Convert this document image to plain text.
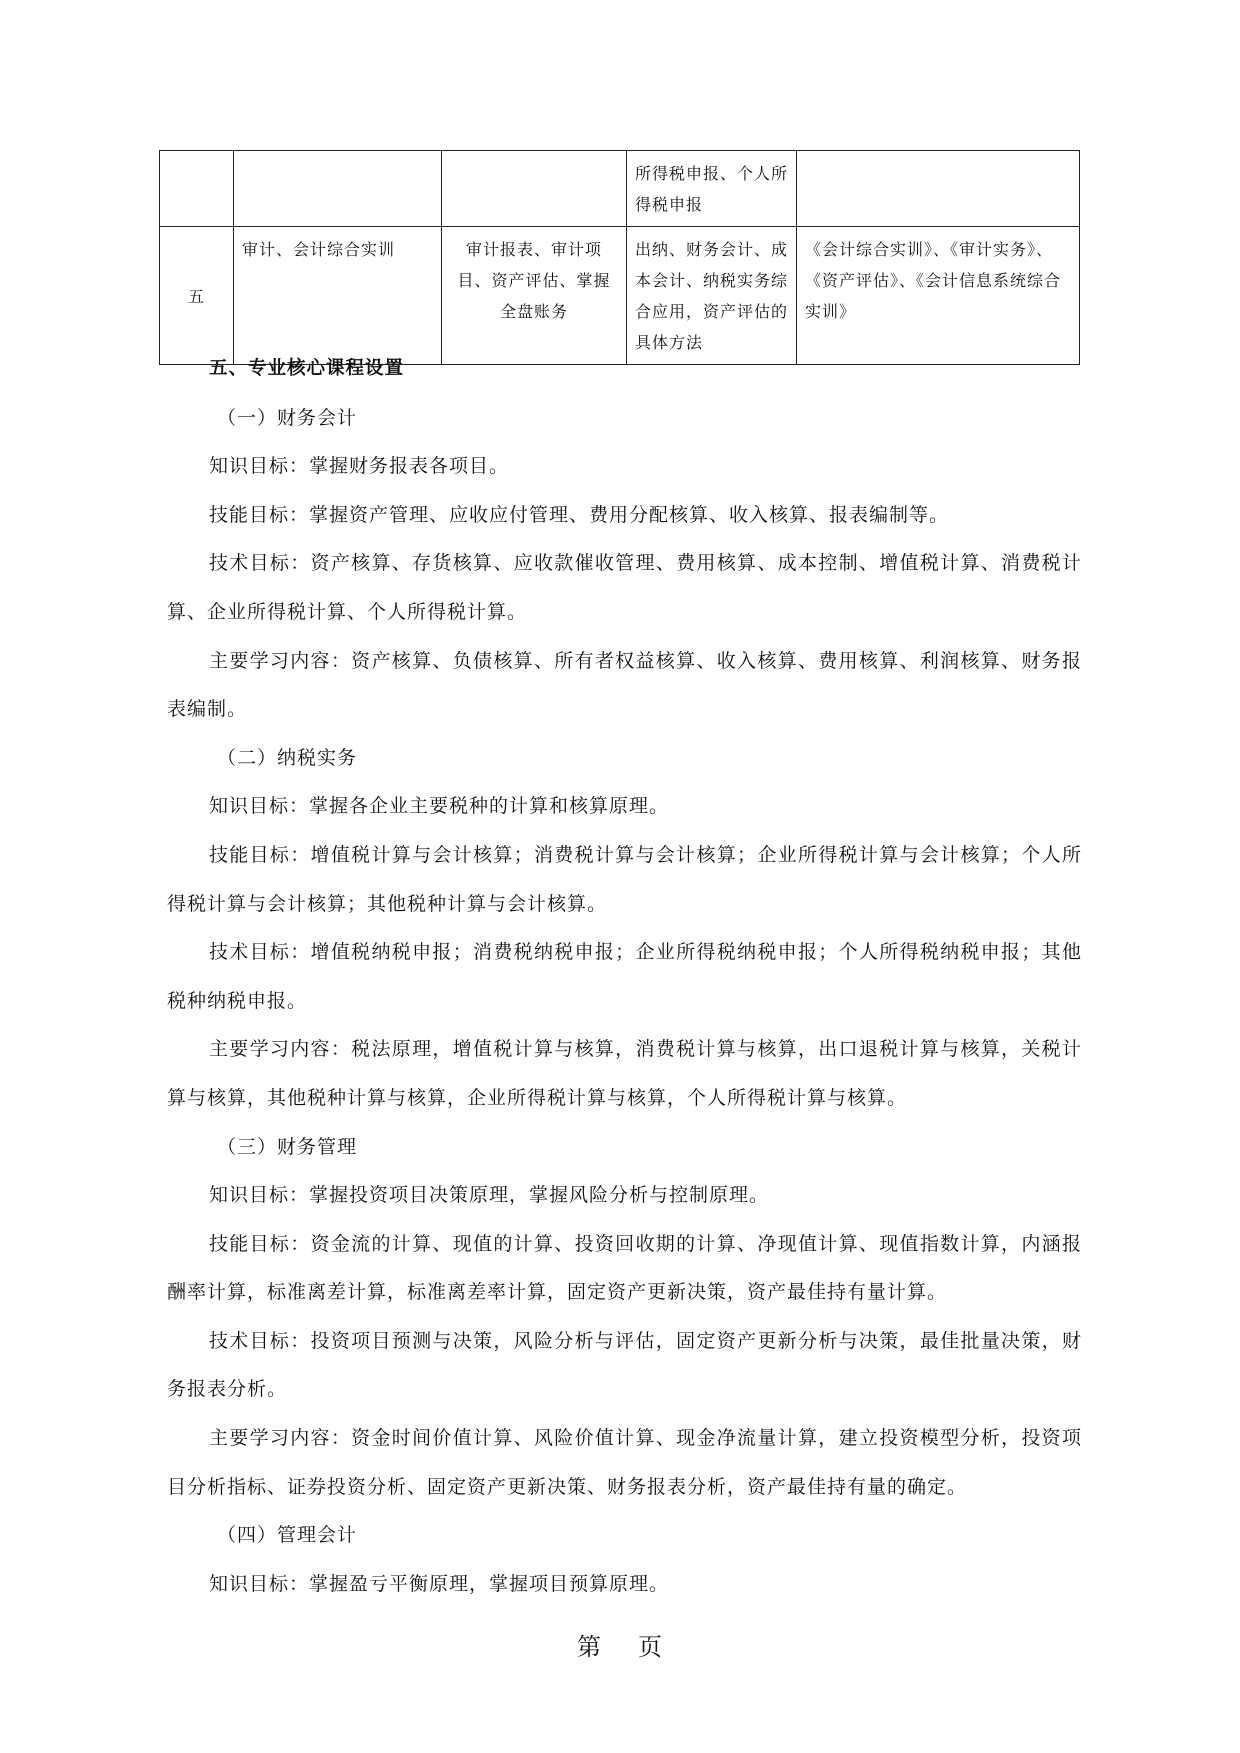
			所得税申报、个人所得税申报	
五	审计、会计综合实训	审计报表、审计项目、资产评估、掌握全盘账务	出纳、财务会计、成本会计、纳税实务综合应用，资产评估的具体方法	《会计综合实训》、《审计实务》、《资产评估》、《会计信息系统综合实训》

五、专业核心课程设置

（一）财务会计

知识目标：掌握财务报表各项目。

技能目标：掌握资产管理、应收应付管理、费用分配核算、收入核算、报表编制等。

技术目标：资产核算、存货核算、应收款催收管理、费用核算、成本控制、增值税计算、消费税计算、企业所得税计算、个人所得税计算。

主要学习内容：资产核算、负债核算、所有者权益核算、收入核算、费用核算、利润核算、财务报表编制。

（二）纳税实务

知识目标：掌握各企业主要税种的计算和核算原理。

技能目标：增值税计算与会计核算；消费税计算与会计核算；企业所得税计算与会计核算；个人所得税计算与会计核算；其他税种计算与会计核算。

技术目标：增值税纳税申报；消费税纳税申报；企业所得税纳税申报；个人所得税纳税申报；其他税种纳税申报。

主要学习内容：税法原理，增值税计算与核算，消费税计算与核算，出口退税计算与核算，关税计算与核算，其他税种计算与核算，企业所得税计算与核算，个人所得税计算与核算。

（三）财务管理

知识目标：掌握投资项目决策原理，掌握风险分析与控制原理。

技能目标：资金流的计算、现值的计算、投资回收期的计算、净现值计算、现值指数计算，内涵报酬率计算，标准离差计算，标准离差率计算，固定资产更新决策，资产最佳持有量计算。

技术目标：投资项目预测与决策，风险分析与评估，固定资产更新分析与决策，最佳批量决策，财务报表分析。

主要学习内容：资金时间价值计算、风险价值计算、现金净流量计算，建立投资模型分析，投资项目分析指标、证券投资分析、固定资产更新决策、财务报表分析，资产最佳持有量的确定。

（四）管理会计

知识目标：掌握盈亏平衡原理，掌握项目预算原理。

第 页
